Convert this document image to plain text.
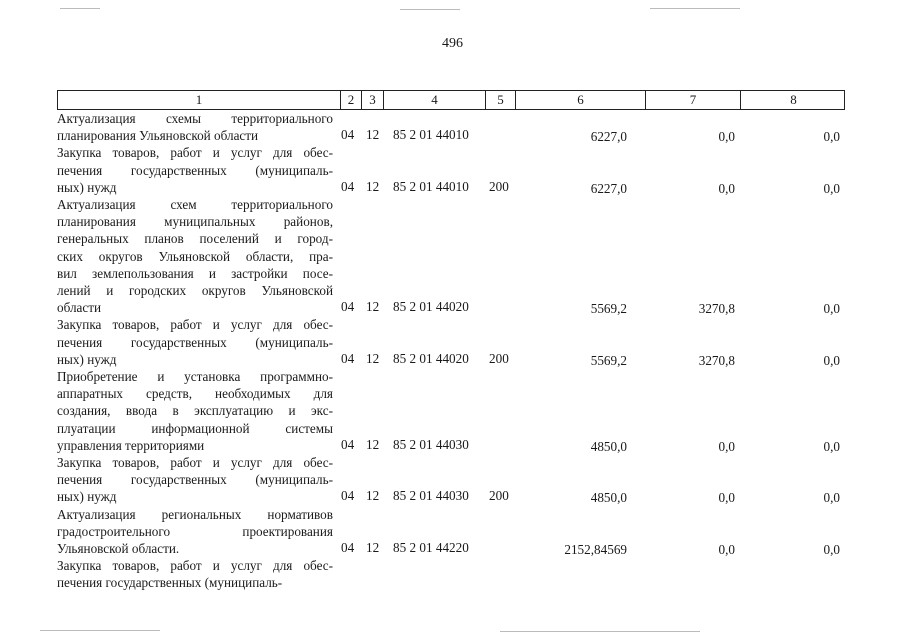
496
1	2	3	4	5	6	7	8
Актуализация схемы территориального
планирования Ульяновской области	04 12 85 2 01 44010	6227,0	0,0	0,0
Закупка товаров, работ и услуг для обес-
печения государственных (муниципаль-
ных) нужд	04 12 85 2 01 44010 200	6227,0	0,0	0,0
Актуализация схем территориального
планирования муниципальных районов,
генеральных планов поселений и город-
ских округов Ульяновской области, пра-
вил землепользования и застройки посе-
лений и городских округов Ульяновской
области	04 12 85 2 01 44020	5569,2	3270,8	0,0
Закупка товаров, работ и услуг для обес-
печения государственных (муниципаль-
ных) нужд	04 12 85 2 01 44020 200	5569,2	3270,8	0,0
Приобретение и установка программно-
аппаратных средств, необходимых для
создания, ввода в эксплуатацию и экс-
плуатации информационной системы
управления территориями	04 12 85 2 01 44030	4850,0	0,0	0,0
Закупка товаров, работ и услуг для обес-
печения государственных (муниципаль-
ных) нужд	04 12 85 2 01 44030 200	4850,0	0,0	0,0
Актуализация региональных нормативов
градостроительного проектирования
Ульяновской области.	04 12 85 2 01 44220	2152,84569	0,0	0,0
Закупка товаров, работ и услуг для обес-
печения государственных (муниципаль-
